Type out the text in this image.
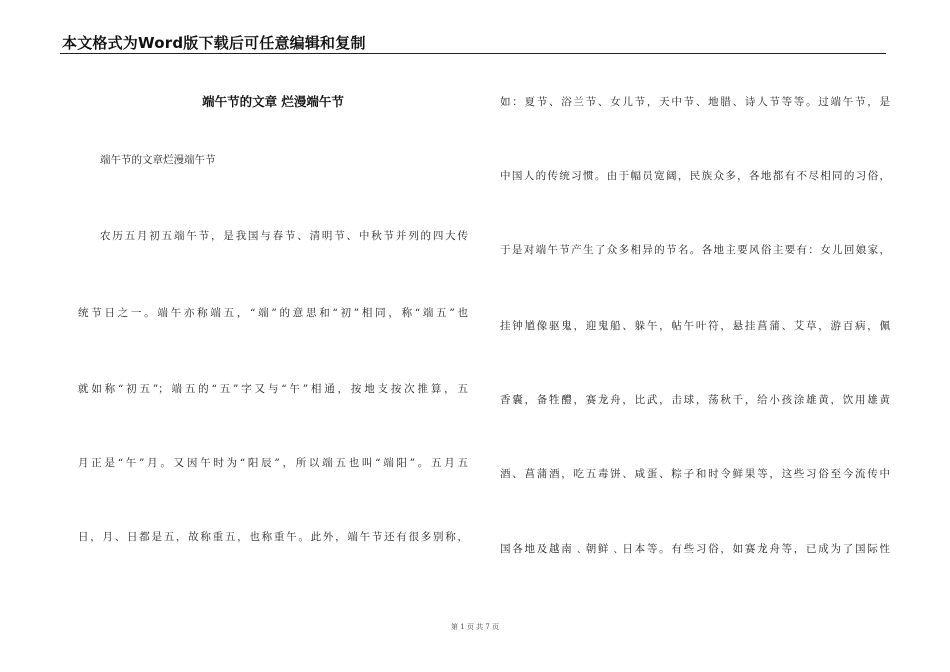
本文格式为Word版下载后可任意编辑和复制
端午节的文章 烂漫端午节
端午节的文章烂漫端午节
农历五月初五端午节，是我国与春节、清明节、中秋节并列的四大传
统节日之一。端午亦称端五，“端”的意思和“初”相同，称“端五”也
就如称“初五”；端五的“五”字又与“午”相通，按地支按次推算，五
月正是“午”月。又因午时为“阳辰”，所以端五也叫“端阳”。五月五
日，月、日都是五，故称重五，也称重午。此外，端午节还有很多别称，
如：夏节、浴兰节、女儿节，天中节、地腊、诗人节等等。过端午节，是
中国人的传统习惯。由于幅员宽阔，民族众多，各地都有不尽相同的习俗，
于是对端午节产生了众多相异的节名。各地主要风俗主要有：女儿回娘家，
挂钟馗像驱鬼，迎鬼船、躲午，帖午叶符，悬挂菖蒲、艾草，游百病，佩
香囊，备牲醴，赛龙舟，比武，击球，荡秋千，给小孩涂雄黄，饮用雄黄
酒、菖蒲酒，吃五毒饼、咸蛋、粽子和时令鲜果等，这些习俗至今流传中
国各地及越南﹑朝鲜﹑日本等。有些习俗，如赛龙舟等，已成为了国际性
第 1 页 共 7 页
